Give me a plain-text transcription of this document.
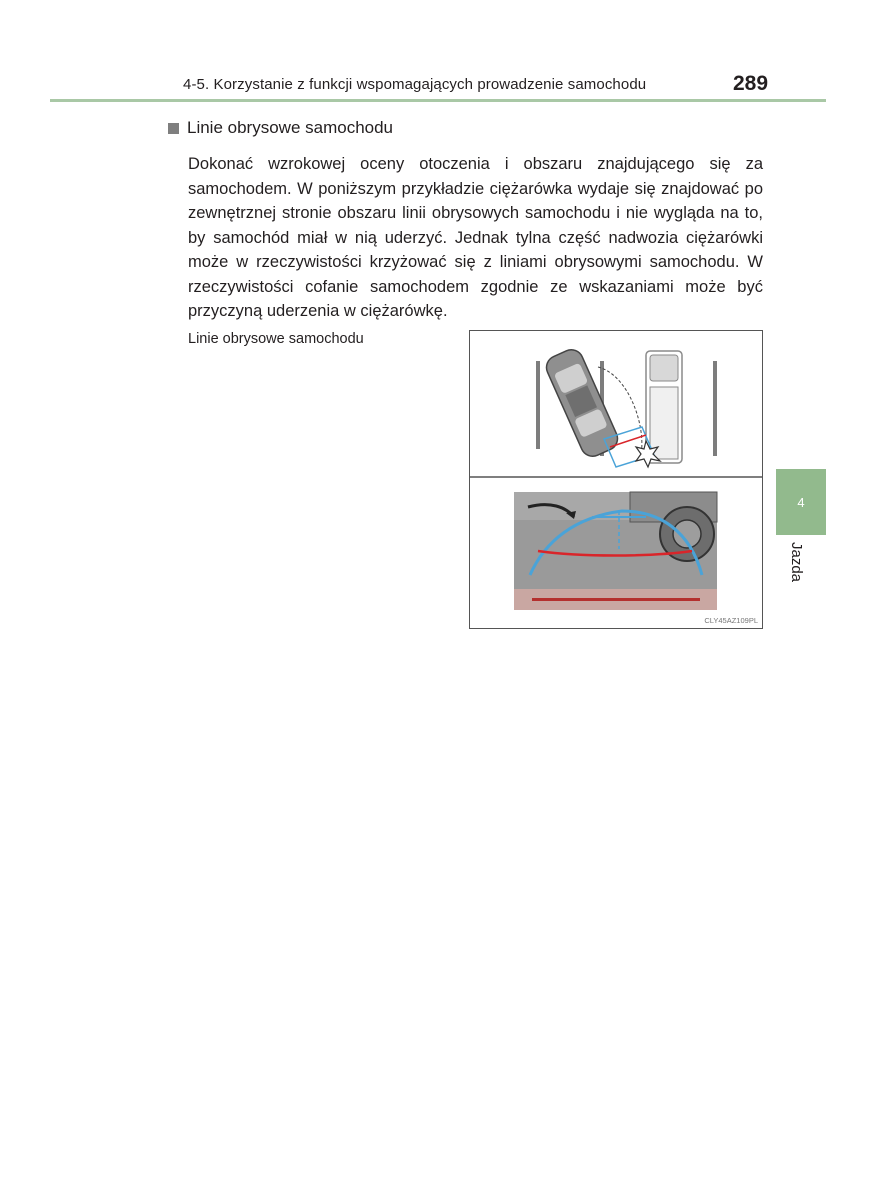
4-5. Korzystanie z funkcji wspomagających prowadzenie samochodu	289
Linie obrysowe samochodu

Dokonać wzrokowej oceny otoczenia i obszaru znajdującego się za samochodem. W poniższym przykładzie ciężarówka wydaje się znajdować po zewnętrznej stronie obszaru linii obrysowych samochodu i nie wygląda na to, by samochód miał w nią uderzyć. Jednak tylna część nadwozia ciężarówki może w rzeczywistości krzyżować się z liniami obrysowymi samochodu. W rzeczywistości cofanie samochodem zgodnie ze wskazaniami może być przyczyną uderzenia w ciężarówkę.

Linie obrysowe samochodu
CLY45AZ109PL
4
Jazda
